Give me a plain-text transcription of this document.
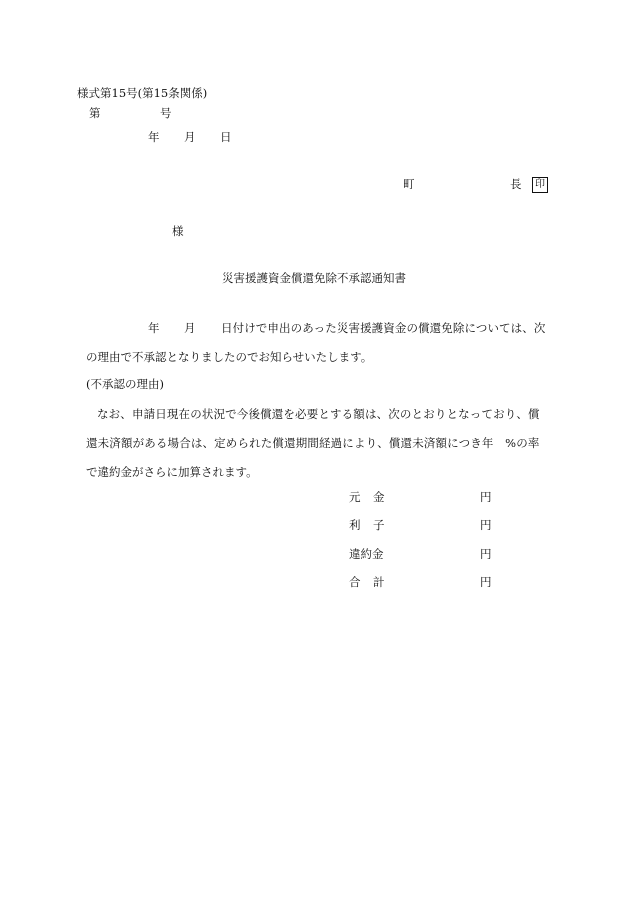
様式第15号(第15条関係)
第	号
年 月 日
町	長	印
様
災害援護資金償還免除不承認通知書
年 月 日付けで申出のあった災害援護資金の償還免除については、次
の理由で不承認となりましたのでお知らせいたします。
(不承認の理由)
なお、申請日現在の状況で今後償還を必要とする額は、次のとおりとなっており、償
還未済額がある場合は、定められた償還期間経過により、償還未済額につき年　%の率
で違約金がさらに加算されます。
元 金	円
利 子	円
違約金	円
合 計	円
